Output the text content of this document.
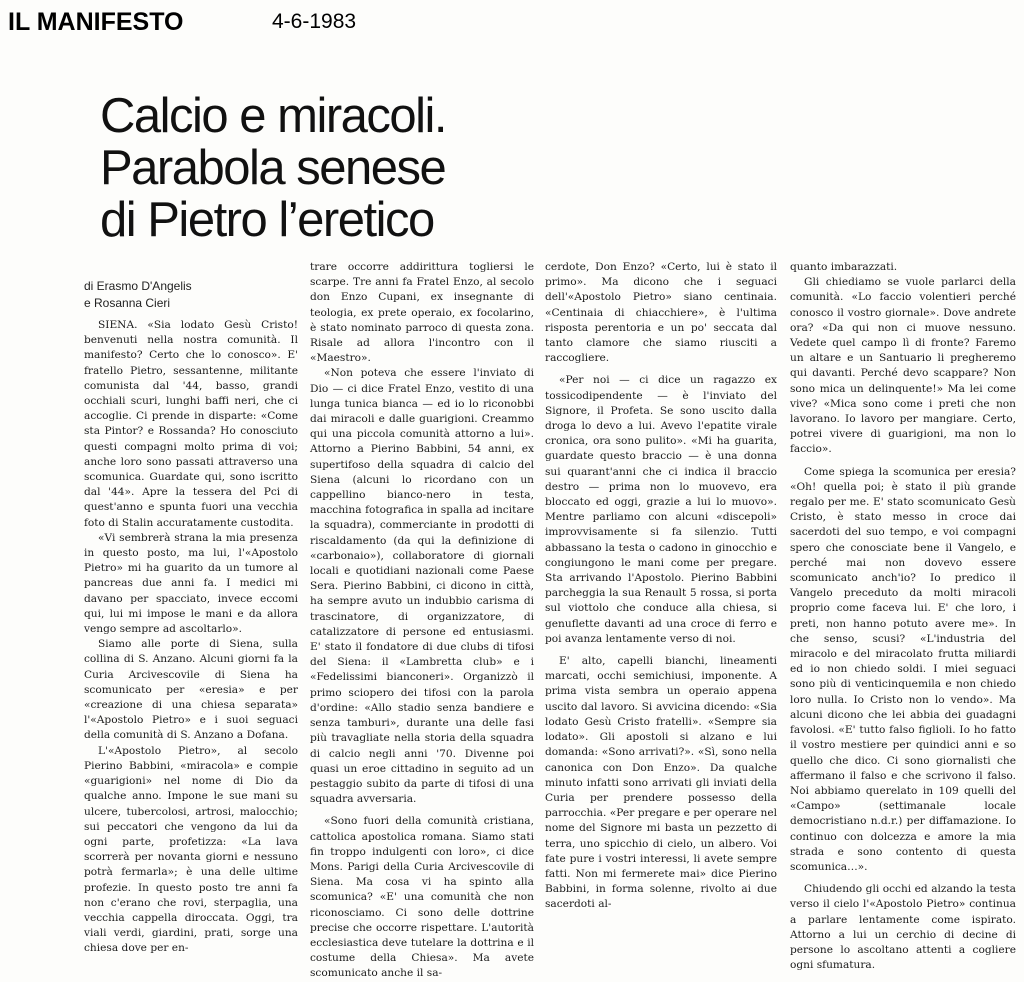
IL MANIFESTO	4-6-1983
Calcio e miracoli.
Parabola senese
di Pietro l’eretico
di Erasmo D'Angelis
e Rosanna Cieri

SIENA. «Sia lodato Gesù Cristo! benvenuti nella nostra comunità. Il manifesto? Certo che lo conosco». E' fratello Pietro, sessantenne, militante comunista dal '44, basso, grandi occhiali scuri, lunghi baffi neri, che ci accoglie. Ci prende in disparte: «Come sta Pintor? e Rossanda? Ho conosciuto questi compagni molto prima di voi; anche loro sono passati attraverso una scomunica. Guardate qui, sono iscritto dal '44». Apre la tessera del Pci di quest'anno e spunta fuori una vecchia foto di Stalin accuratamente custodita.

«Vi sembrerà strana la mia presenza in questo posto, ma lui, l'«Apostolo Pietro» mi ha guarito da un tumore al pancreas due anni fa. I medici mi davano per spacciato, invece eccomi qui, lui mi impose le mani e da allora vengo sempre ad ascoltarlo».

Siamo alle porte di Siena, sulla collina di S. Anzano. Alcuni giorni fa la Curia Arcivescovile di Siena ha scomunicato per «eresia» e per «creazione di una chiesa separata» l'«Apostolo Pietro» e i suoi seguaci della comunità di S. Anzano a Dofana.

L'«Apostolo Pietro», al secolo Pierino Babbini, «miracola» e compie «guarigioni» nel nome di Dio da qualche anno. Impone le sue mani su ulcere, tubercolosi, artrosi, malocchio; sui peccatori che vengono da lui da ogni parte, profetizza: «La lava scorrerà per novanta giorni e nessuno potrà fermarla»; è una delle ultime profezie. In questo posto tre anni fa non c'erano che rovi, sterpaglia, una vecchia cappella diroccata. Oggi, tra viali verdi, giardini, prati, sorge una chiesa dove per en-

trare occorre addirittura togliersi le scarpe. Tre anni fa Fratel Enzo, al secolo don Enzo Cupani, ex insegnante di teologia, ex prete operaio, ex focolarino, è stato nominato parroco di questa zona. Risale ad allora l'incontro con il «Maestro».

«Non poteva che essere l'inviato di Dio — ci dice Fratel Enzo, vestito di una lunga tunica bianca — ed io lo riconobbi dai miracoli e dalle guarigioni. Creammo qui una piccola comunità attorno a lui». Attorno a Pierino Babbini, 54 anni, ex supertifoso della squadra di calcio del Siena (alcuni lo ricordano con un cappellino bianco-nero in testa, macchina fotografica in spalla ad incitare la squadra), commerciante in prodotti di riscaldamento (da qui la definizione di «carbonaio»), collaboratore di giornali locali e quotidiani nazionali come Paese Sera. Pierino Babbini, ci dicono in città, ha sempre avuto un indubbio carisma di trascinatore, di organizzatore, di catalizzatore di persone ed entusiasmi. E' stato il fondatore di due clubs di tifosi del Siena: il «Lambretta club» e i «Fedelissimi bianconeri». Organizzò il primo sciopero dei tifosi con la parola d'ordine: «Allo stadio senza bandiere e senza tamburi», durante una delle fasi più travagliate nella storia della squadra di calcio negli anni '70. Divenne poi quasi un eroe cittadino in seguito ad un pestaggio subito da parte di tifosi di una squadra avversaria.

«Sono fuori della comunità cristiana, cattolica apostolica romana. Siamo stati fin troppo indulgenti con loro», ci dice Mons. Parigi della Curia Arcivescovile di Siena. Ma cosa vi ha spinto alla scomunica? «E' una comunità che non riconosciamo. Ci sono delle dottrine precise che occorre rispettare. L'autorità ecclesiastica deve tutelare la dottrina e il costume della Chiesa». Ma avete scomunicato anche il sa-

cerdote, Don Enzo? «Certo, lui è stato il primo». Ma dicono che i seguaci dell'«Apostolo Pietro» siano centinaia. «Centinaia di chiacchiere», è l'ultima risposta perentoria e un po' seccata dal tanto clamore che siamo riusciti a raccogliere.

«Per noi — ci dice un ragazzo ex tossicodipendente — è l'inviato del Signore, il Profeta. Se sono uscito dalla droga lo devo a lui. Avevo l'epatite virale cronica, ora sono pulito». «Mi ha guarita, guardate questo braccio — è una donna sui quarant'anni che ci indica il braccio destro — prima non lo muovevo, era bloccato ed oggi, grazie a lui lo muovo». Mentre parliamo con alcuni «discepoli» improvvisamente si fa silenzio. Tutti abbassano la testa o cadono in ginocchio e congiungono le mani come per pregare. Sta arrivando l'Apostolo. Pierino Babbini parcheggia la sua Renault 5 rossa, si porta sul viottolo che conduce alla chiesa, si genuflette davanti ad una croce di ferro e poi avanza lentamente verso di noi.

E' alto, capelli bianchi, lineamenti marcati, occhi semichiusi, imponente. A prima vista sembra un operaio appena uscito dal lavoro. Si avvicina dicendo: «Sia lodato Gesù Cristo fratelli». «Sempre sia lodato». Gli apostoli si alzano e lui domanda: «Sono arrivati?». «Sì, sono nella canonica con Don Enzo». Da qualche minuto infatti sono arrivati gli inviati della Curia per prendere possesso della parrocchia. «Per pregare e per operare nel nome del Signore mi basta un pezzetto di terra, uno spicchio di cielo, un albero. Voi fate pure i vostri interessi, li avete sempre fatti. Non mi fermerete mai» dice Pierino Babbini, in forma solenne, rivolto ai due sacerdoti al-

quanto imbarazzati.

Gli chiediamo se vuole parlarci della comunità. «Lo faccio volentieri perché conosco il vostro giornale». Dove andrete ora? «Da qui non ci muove nessuno. Vedete quel campo lì di fronte? Faremo un altare e un Santuario li pregheremo qui davanti. Perché devo scappare? Non sono mica un delinquente!» Ma lei come vive? «Mica sono come i preti che non lavorano. Io lavoro per mangiare. Certo, potrei vivere di guarigioni, ma non lo faccio».

Come spiega la scomunica per eresia? «Oh! quella poi; è stato il più grande regalo per me. E' stato scomunicato Gesù Cristo, è stato messo in croce dai sacerdoti del suo tempo, e voi compagni spero che conosciate bene il Vangelo, e perché mai non dovevo essere scomunicato anch'io? Io predico il Vangelo preceduto da molti miracoli proprio come faceva lui. E' che loro, i preti, non hanno potuto avere me». In che senso, scusi? «L'industria del miracolo e del miracolato frutta miliardi ed io non chiedo soldi. I miei seguaci sono più di venticinquemila e non chiedo loro nulla. Io Cristo non lo vendo». Ma alcuni dicono che lei abbia dei guadagni favolosi. «E' tutto falso figlioli. Io ho fatto il vostro mestiere per quindici anni e so quello che dico. Ci sono giornalisti che affermano il falso e che scrivono il falso. Noi abbiamo querelato in 109 quelli del «Campo» (settimanale locale democristiano n.d.r.) per diffamazione. Io continuo con dolcezza e amore la mia strada e sono contento di questa scomunica…».

Chiudendo gli occhi ed alzando la testa verso il cielo l'«Apostolo Pietro» continua a parlare lentamente come ispirato. Attorno a lui un cerchio di decine di persone lo ascoltano attenti a cogliere ogni sfumatura.
